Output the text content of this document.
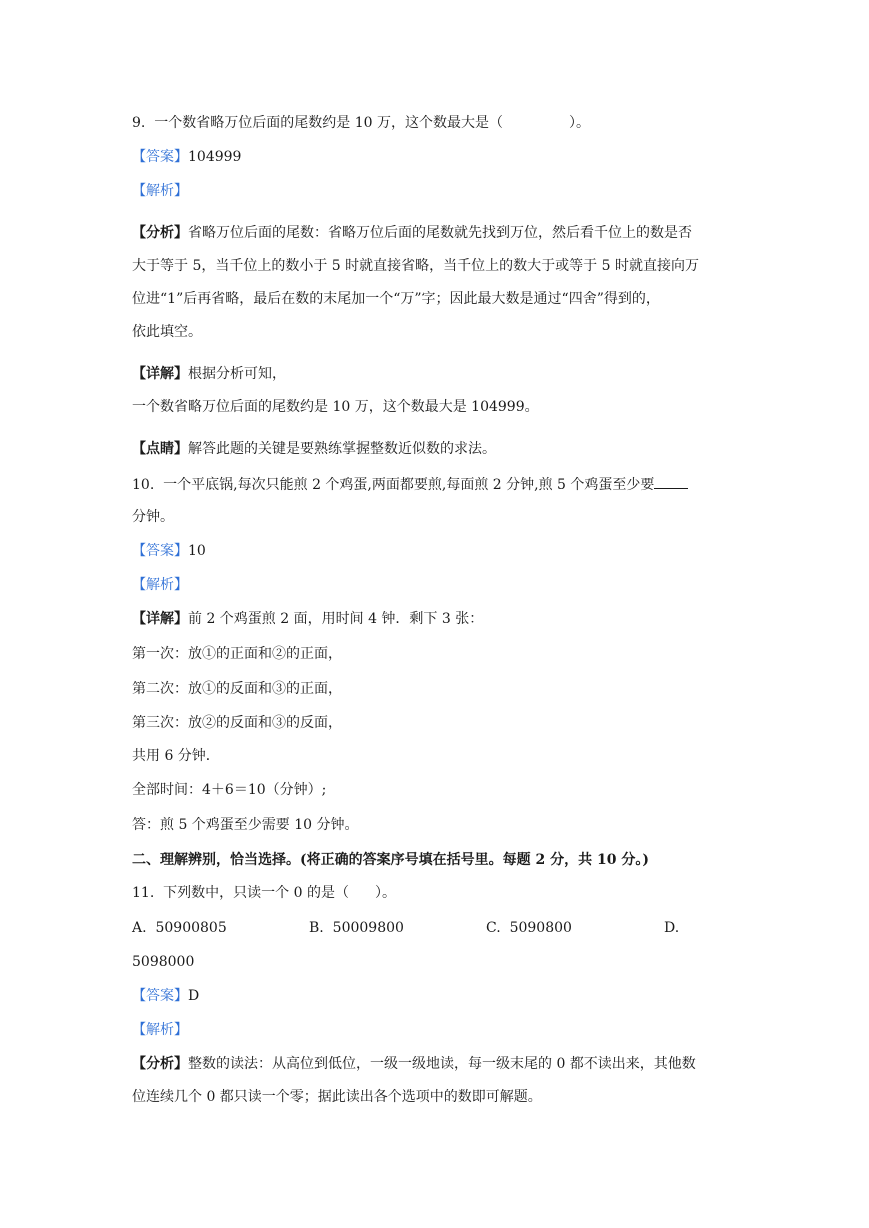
9. 一个数省略万位后面的尾数约是 10 万，这个数最大是（	）。
【答案】104999
【解析】
【分析】省略万位后面的尾数：省略万位后面的尾数就先找到万位，然后看千位上的数是否
大于等于 5，当千位上的数小于 5 时就直接省略，当千位上的数大于或等于 5 时就直接向万
位进“1”后再省略，最后在数的末尾加一个“万”字；因此最大数是通过“四舍”得到的，
依此填空。
【详解】根据分析可知，
一个数省略万位后面的尾数约是 10 万，这个数最大是 104999。
【点睛】解答此题的关键是要熟练掌握整数近似数的求法。
10. 一个平底锅,每次只能煎 2 个鸡蛋,两面都要煎,每面煎 2 分钟,煎 5 个鸡蛋至少要
分钟。
【答案】10
【解析】
【详解】前 2 个鸡蛋煎 2 面，用时间 4 钟．剩下 3 张：
第一次：放①的正面和②的正面，
第二次：放①的反面和③的正面，
第三次：放②的反面和③的反面，
共用 6 分钟．
全部时间：4＋6＝10（分钟）;
答：煎 5 个鸡蛋至少需要 10 分钟。
二、理解辨别，恰当选择。(将正确的答案序号填在括号里。每题 2 分，共 10 分。)
11. 下列数中，只读一个 0 的是（ ）。
A. 50900805	B. 50009800	C. 5090800	D.
5098000
【答案】D
【解析】
【分析】整数的读法：从高位到低位，一级一级地读，每一级末尾的 0 都不读出来，其他数
位连续几个 0 都只读一个零；据此读出各个选项中的数即可解题。
